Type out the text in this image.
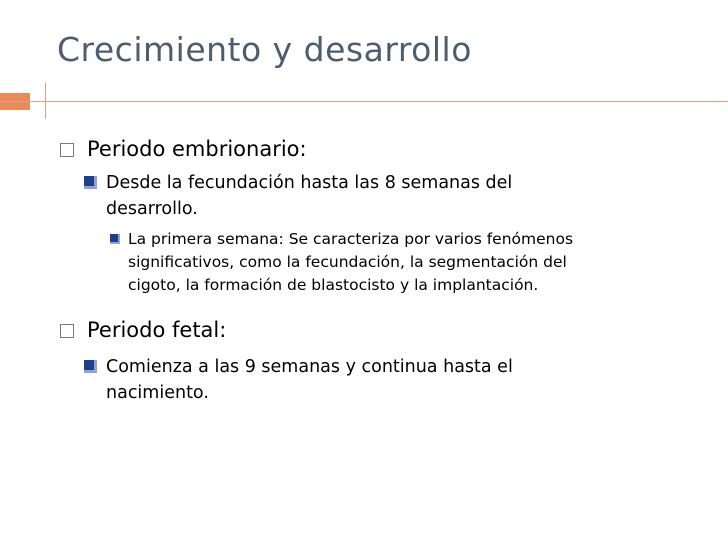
Crecimiento y desarrollo
Periodo embrionario:
Desde la fecundación hasta las 8 semanas del
desarrollo.
La primera semana: Se caracteriza por varios fenómenos
significativos, como la fecundación, la segmentación del
cigoto, la formación de blastocisto y la implantación.
Periodo fetal:
Comienza a las 9 semanas y continua hasta el
nacimiento.
